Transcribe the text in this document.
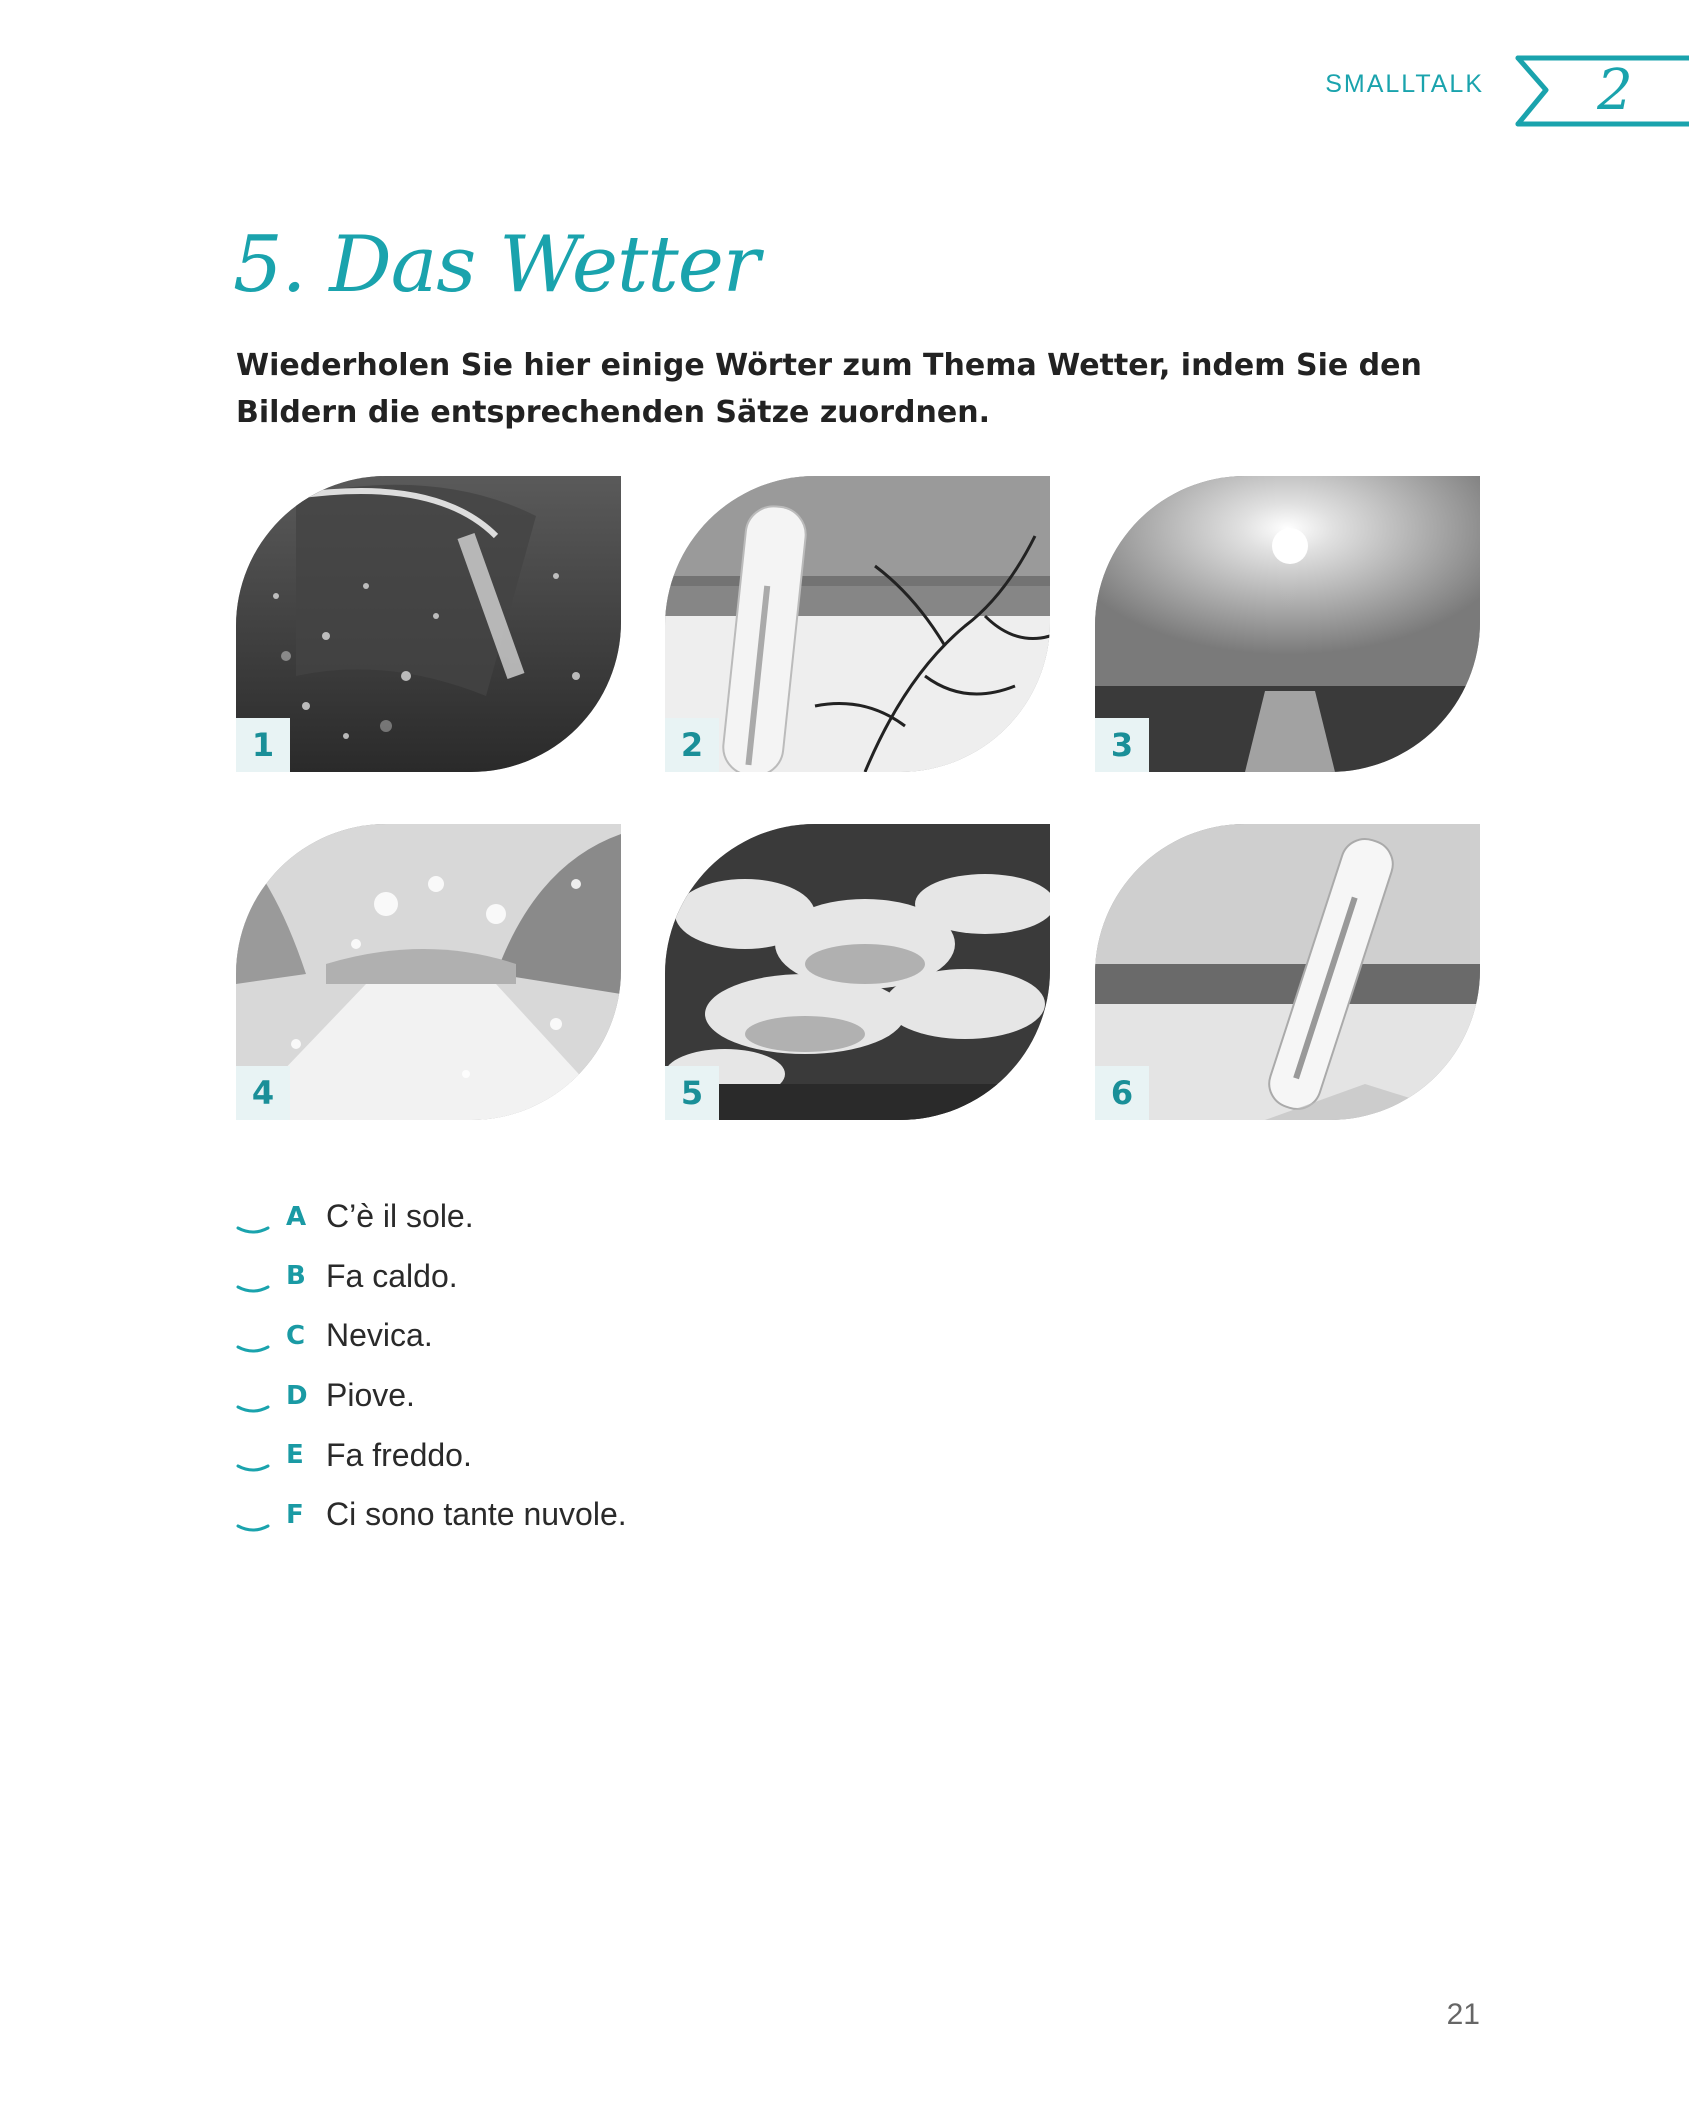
SMALLTALK 2
5. Das Wetter

Wiederholen Sie hier einige Wörter zum Thema Wetter, indem Sie den Bildern die entsprechenden Sätze zuordnen.

1	2	3
4	5	6
A C’è il sole.
B Fa caldo.
C Nevica.
D Piove.
E Fa freddo.
F Ci sono tante nuvole.
21
